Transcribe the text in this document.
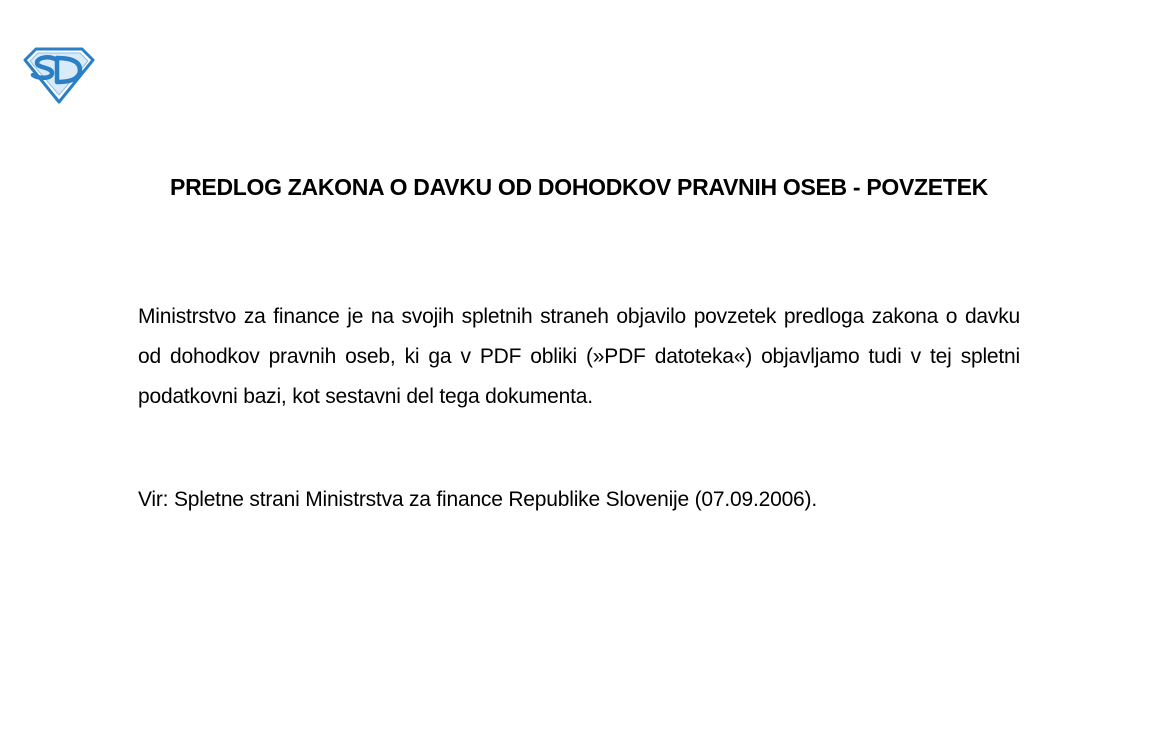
PREDLOG ZAKONA O DAVKU OD DOHODKOV PRAVNIH OSEB - POVZETEK
Ministrstvo za finance je na svojih spletnih straneh objavilo povzetek predloga zakona o davku od dohodkov pravnih oseb, ki ga v PDF obliki (»PDF datoteka«) objavljamo tudi v tej spletni podatkovni bazi, kot sestavni del tega dokumenta.
Vir: Spletne strani Ministrstva za finance Republike Slovenije (07.09.2006).
